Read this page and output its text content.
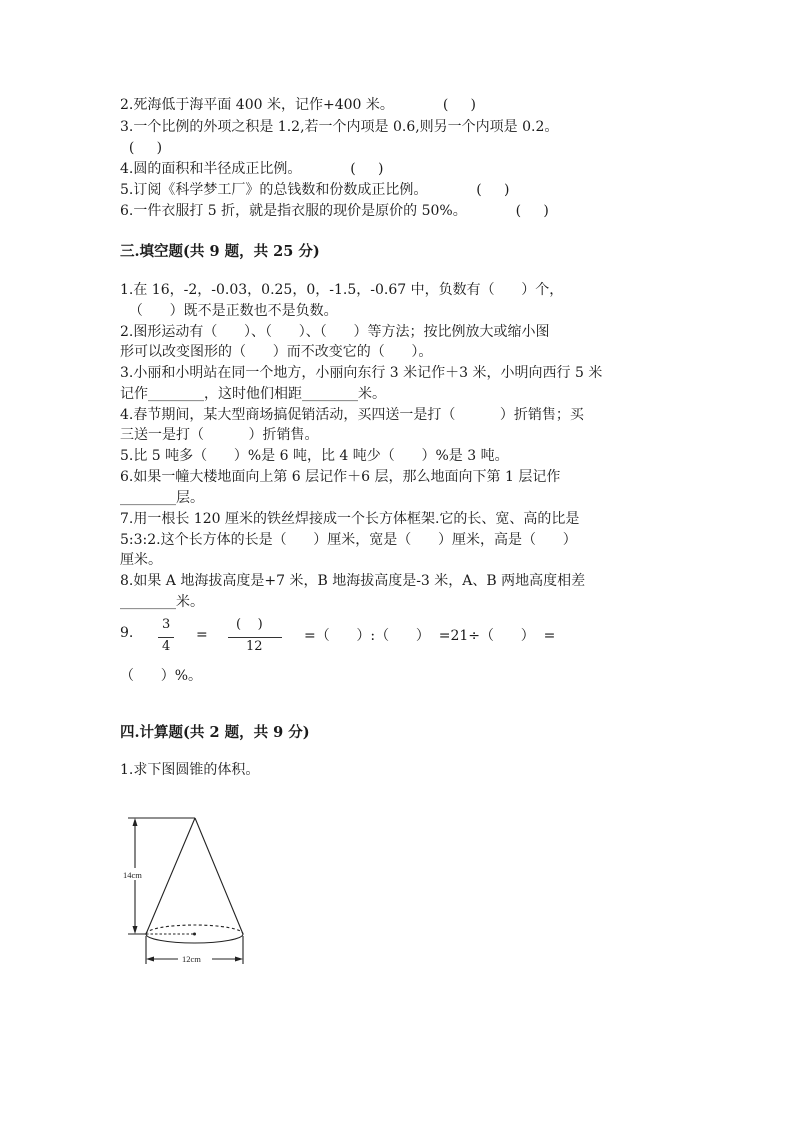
2.死海低于海平面 400 米，记作+400 米。           (     )
3.一个比例的外项之积是 1.2,若一个内项是 0.6,则另一个内项是 0.2。
(     )
4.圆的面积和半径成正比例。           (     )
5.订阅《科学梦工厂》的总钱数和份数成正比例。           (     )
6.一件衣服打 5 折，就是指衣服的现价是原价的 50%。           (     )
三.填空题(共 9 题，共 25 分)
1.在 16，-2，-0.03，0.25，0，-1.5，-0.67 中，负数有（      ）个，
（      ）既不是正数也不是负数。
2.图形运动有（      ）、（      ）、（      ）等方法；按比例放大或缩小图
形可以改变图形的（      ）而不改变它的（      ）。
3.小丽和小明站在同一个地方，小丽向东行 3 米记作＋3 米，小明向西行 5 米
记作________，这时他们相距________米。
4.春节期间，某大型商场搞促销活动，买四送一是打（          ）折销售；买
三送一是打（          ）折销售。
5.比 5 吨多（      ）%是 6 吨，比 4 吨少（      ）%是 3 吨。
6.如果一幢大楼地面向上第 6 层记作＋6 层，那么地面向下第 1 层记作
________层。
7.用一根长 120 厘米的铁丝焊接成一个长方体框架.它的长、宽、高的比是
5:3:2.这个长方体的长是（      ）厘米，宽是（      ）厘米，高是（      ）
厘米。
8.如果 A 地海拔高度是+7 米，B 地海拔高度是-3 米，A、B 两地高度相差
________米。
9.
3
4
=
(    )
12
=（      ）:（      ）  =21÷（      ）  =
（      ）%。
四.计算题(共 2 题，共 9 分)
1.求下图圆锥的体积。
14cm
12cm
